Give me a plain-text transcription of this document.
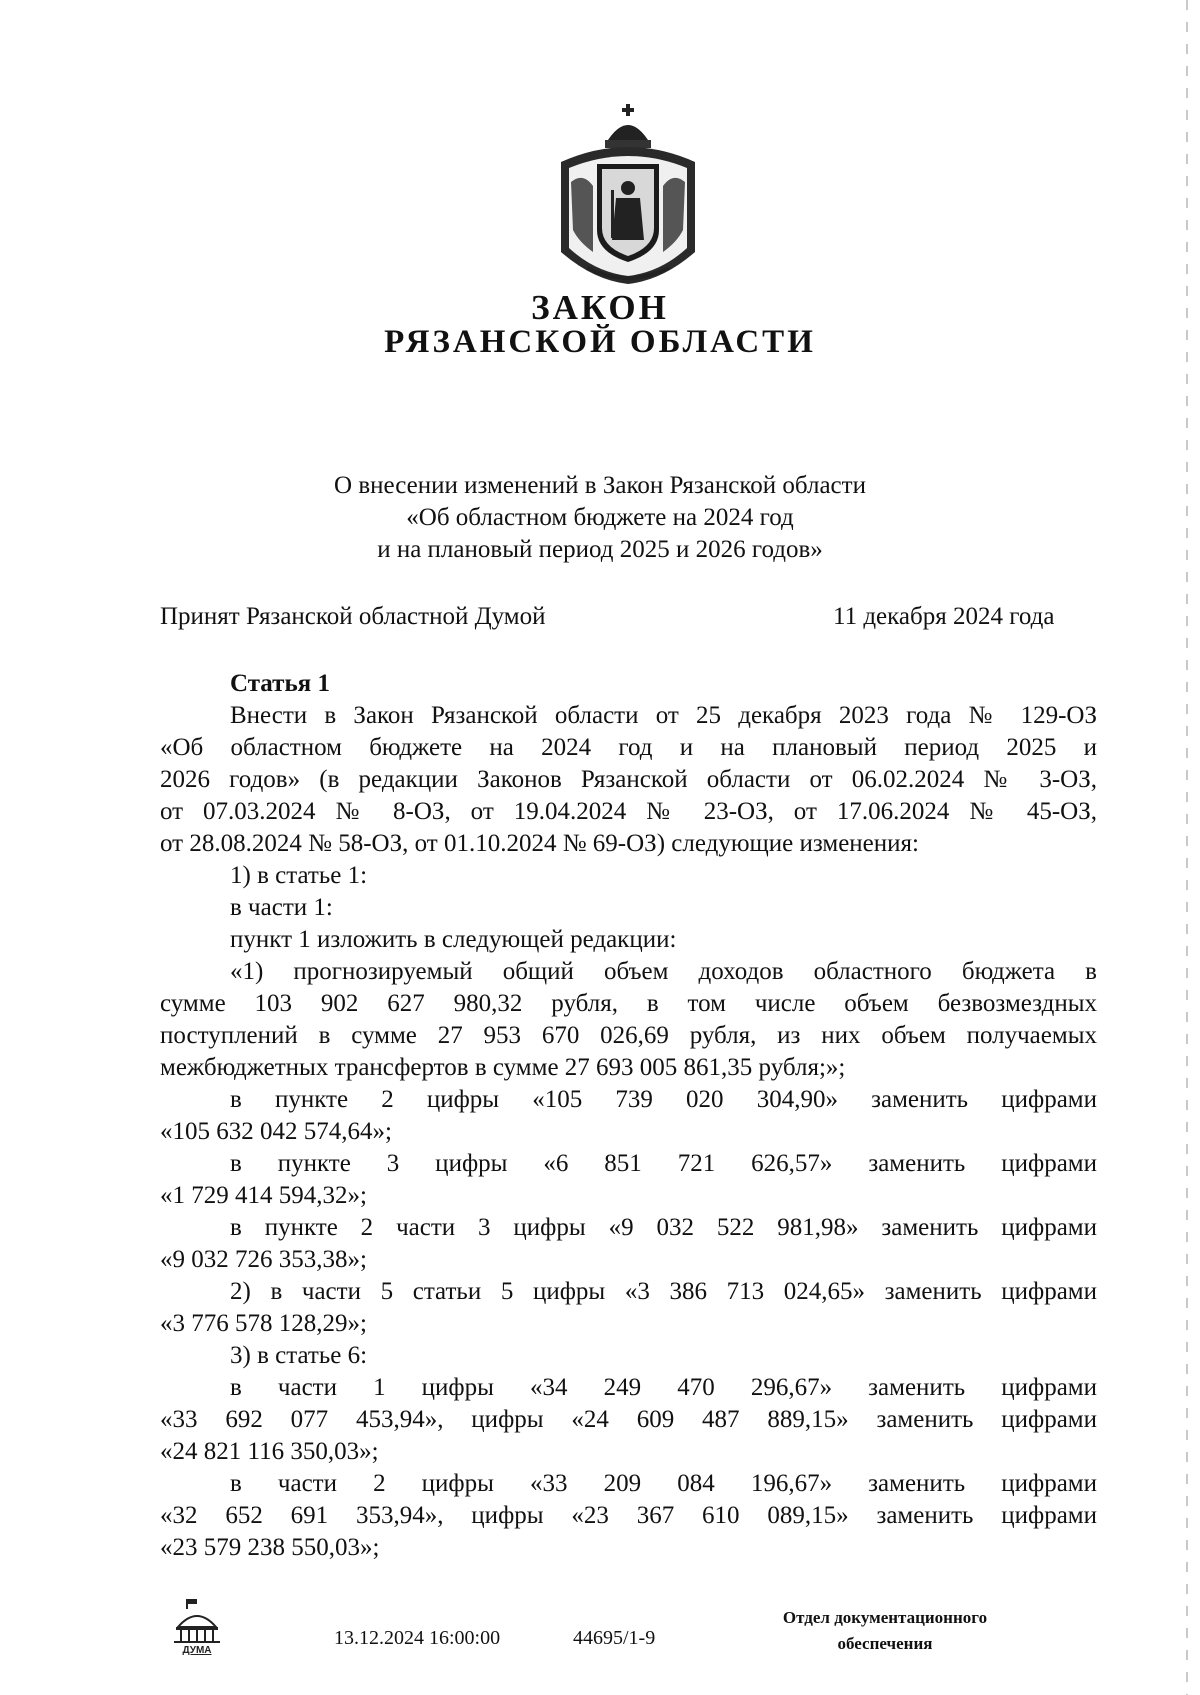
ЗАКОН
РЯЗАНСКОЙ ОБЛАСТИ
О внесении изменений в Закон Рязанской области
«Об областном бюджете на 2024 год
и на плановый период 2025 и 2026 годов»
Принят Рязанской областной Думой	11 декабря 2024 года
Статья 1
Внести в Закон Рязанской области от 25 декабря 2023 года № 129-ОЗ
«Об областном бюджете на 2024 год и на плановый период 2025 и
2026 годов» (в редакции Законов Рязанской области от 06.02.2024 № 3-ОЗ,
от 07.03.2024 № 8-ОЗ, от 19.04.2024 № 23-ОЗ, от 17.06.2024 № 45-ОЗ,
от 28.08.2024 № 58-ОЗ, от 01.10.2024 № 69-ОЗ) следующие изменения:
1) в статье 1:
в части 1:
пункт 1 изложить в следующей редакции:
«1) прогнозируемый общий объем доходов областного бюджета в
сумме 103 902 627 980,32 рубля, в том числе объем безвозмездных
поступлений в сумме 27 953 670 026,69 рубля, из них объем получаемых
межбюджетных трансфертов в сумме 27 693 005 861,35 рубля;»;
в пункте 2 цифры «105 739 020 304,90» заменить цифрами
«105 632 042 574,64»;
в пункте 3 цифры «6 851 721 626,57» заменить цифрами
«1 729 414 594,32»;
в пункте 2 части 3 цифры «9 032 522 981,98» заменить цифрами
«9 032 726 353,38»;
2) в части 5 статьи 5 цифры «3 386 713 024,65» заменить цифрами
«3 776 578 128,29»;
3) в статье 6:
в части 1 цифры «34 249 470 296,67» заменить цифрами
«33 692 077 453,94», цифры «24 609 487 889,15» заменить цифрами
«24 821 116 350,03»;
в части 2 цифры «33 209 084 196,67» заменить цифрами
«32 652 691 353,94», цифры «23 367 610 089,15» заменить цифрами
«23 579 238 550,03»;
ДУМА
13.12.2024 16:00:00	44695/1-9
Отдел документационного
обеспечения
